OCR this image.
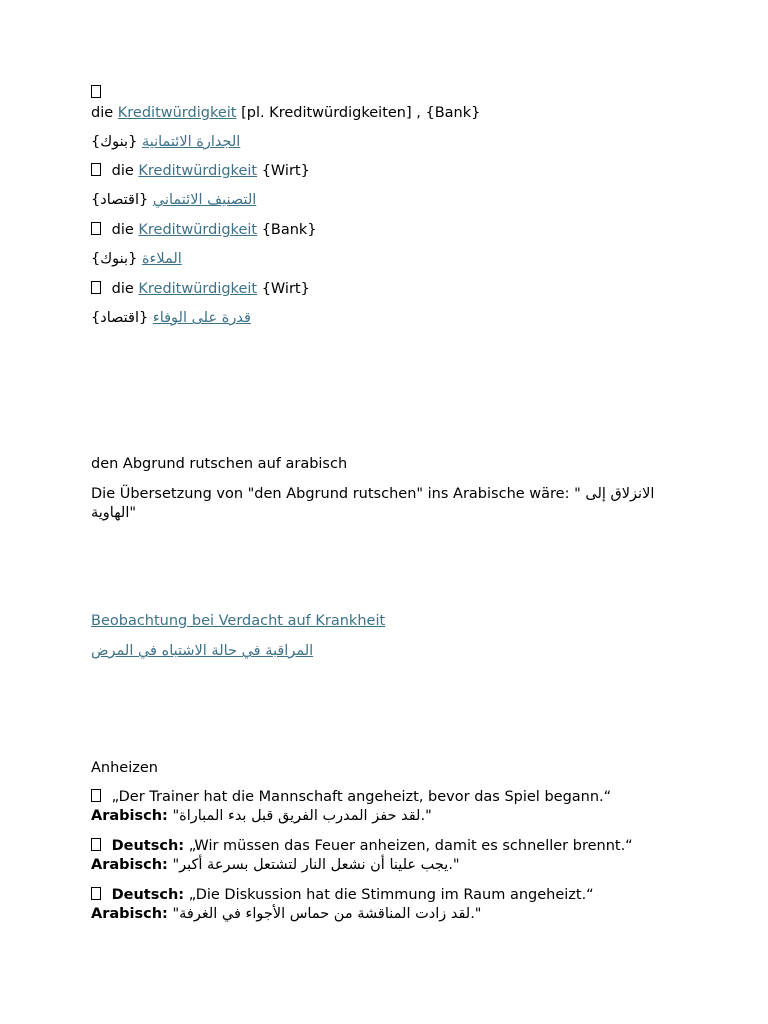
die Kreditwürdigkeit [pl. Kreditwürdigkeiten] , {Bank}
{بنوك} الجدارة الائتمانية
die Kreditwürdigkeit {Wirt}
{اقتصاد} التصنيف الائتماني
die Kreditwürdigkeit {Bank}
{بنوك} الملاءة
die Kreditwürdigkeit {Wirt}
{اقتصاد} قدرة على الوفاء
den Abgrund rutschen auf arabisch
Die Übersetzung von "den Abgrund rutschen" ins Arabische wäre: " الانزلاق إلى الهاوية"
Beobachtung bei Verdacht auf Krankheit
المراقبة في حالة الاشتباه في المرض
Anheizen
„Der Trainer hat die Mannschaft angeheizt, bevor das Spiel begann.“
Arabisch: "لقد حفز المدرب الفريق قبل بدء المباراة."
Deutsch: „Wir müssen das Feuer anheizen, damit es schneller brennt.“
Arabisch: "يجب علينا أن نشعل النار لتشتعل بسرعة أكبر."
Deutsch: „Die Diskussion hat die Stimmung im Raum angeheizt.“
Arabisch: "لقد زادت المناقشة من حماس الأجواء في الغرفة."
